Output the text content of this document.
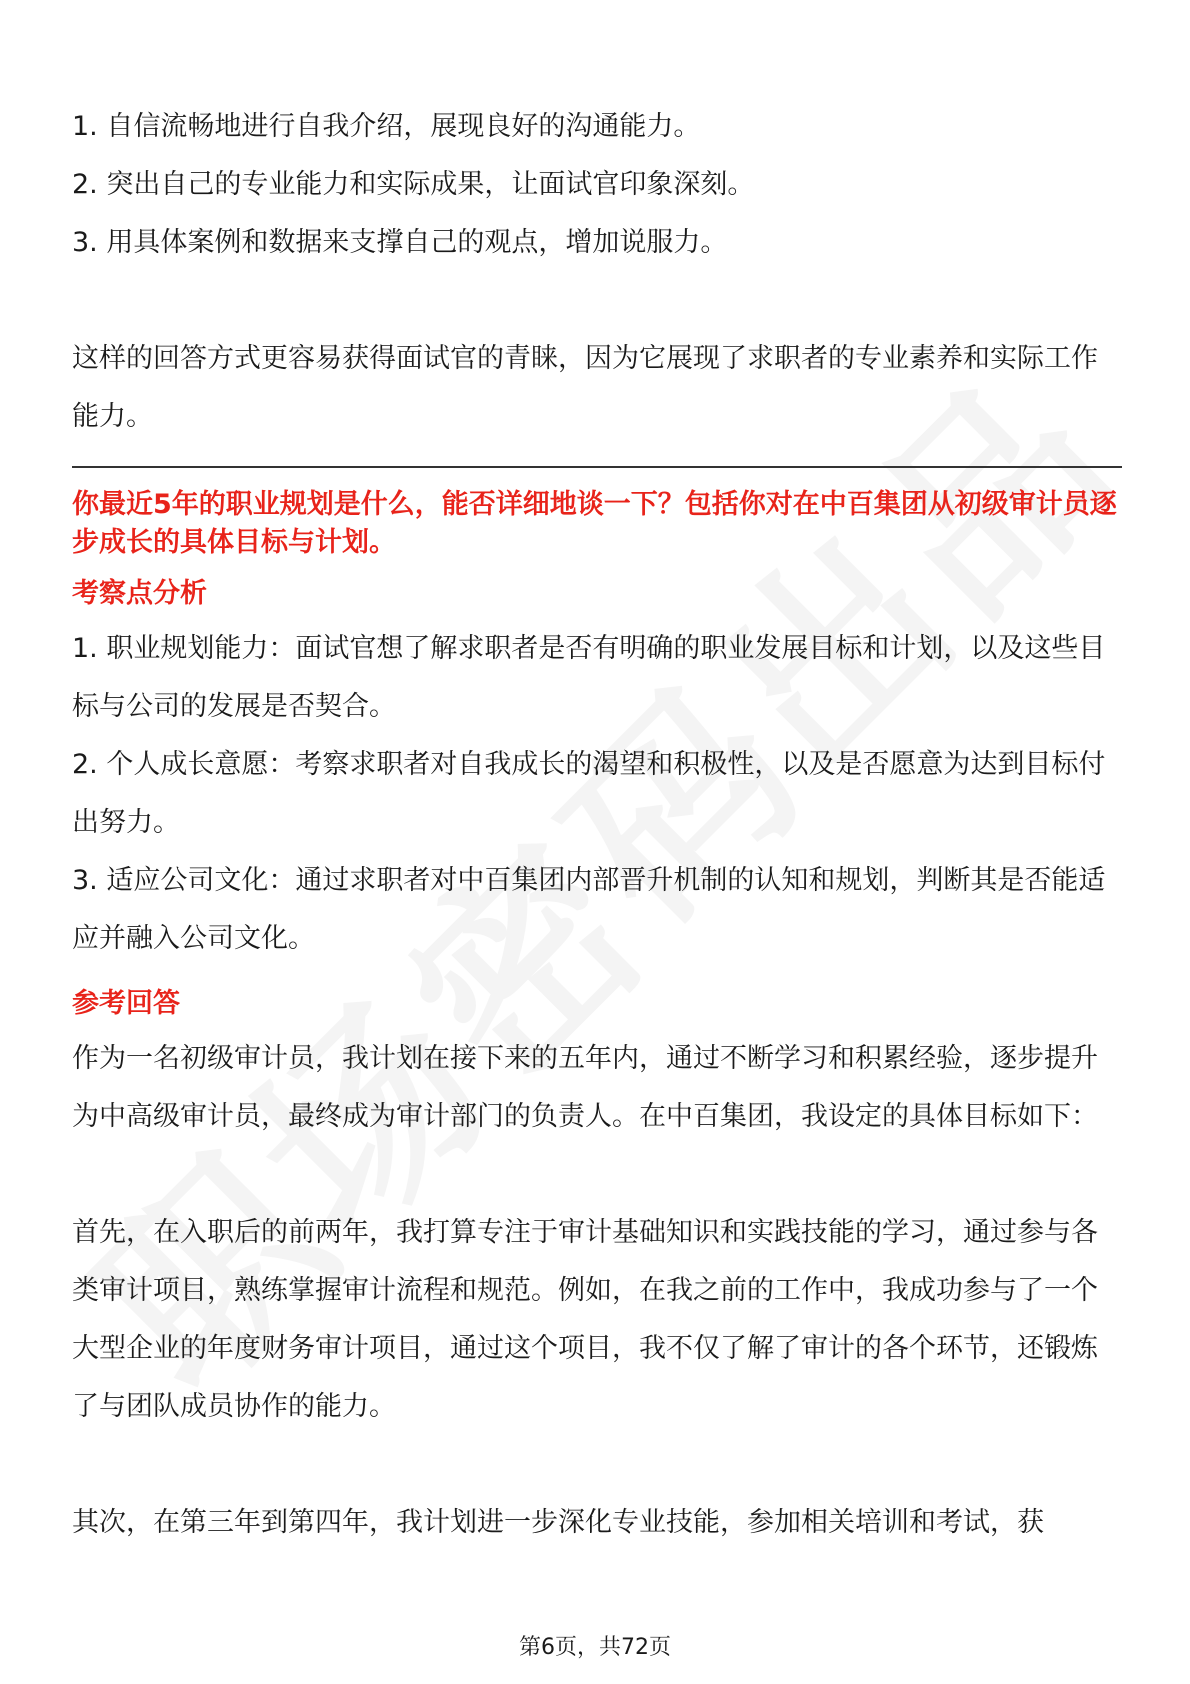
1. 自信流畅地进行自我介绍，展现良好的沟通能力。

2. 突出自己的专业能力和实际成果，让面试官印象深刻。

3. 用具体案例和数据来支撑自己的观点，增加说服力。

这样的回答方式更容易获得面试官的青睐，因为它展现了求职者的专业素养和实际工作能力。

你最近5年的职业规划是什么，能否详细地谈一下？包括你对在中百集团从初级审计员逐步成长的具体目标与计划。

考察点分析

1. 职业规划能力：面试官想了解求职者是否有明确的职业发展目标和计划，以及这些目标与公司的发展是否契合。

2. 个人成长意愿：考察求职者对自我成长的渴望和积极性，以及是否愿意为达到目标付出努力。

3. 适应公司文化：通过求职者对中百集团内部晋升机制的认知和规划，判断其是否能适应并融入公司文化。

参考回答

作为一名初级审计员，我计划在接下来的五年内，通过不断学习和积累经验，逐步提升为中高级审计员，最终成为审计部门的负责人。在中百集团，我设定的具体目标如下：

首先，在入职后的前两年，我打算专注于审计基础知识和实践技能的学习，通过参与各类审计项目，熟练掌握审计流程和规范。例如，在我之前的工作中，我成功参与了一个大型企业的年度财务审计项目，通过这个项目，我不仅了解了审计的各个环节，还锻炼了与团队成员协作的能力。

其次，在第三年到第四年，我计划进一步深化专业技能，参加相关培训和考试，获

第6页，共72页
